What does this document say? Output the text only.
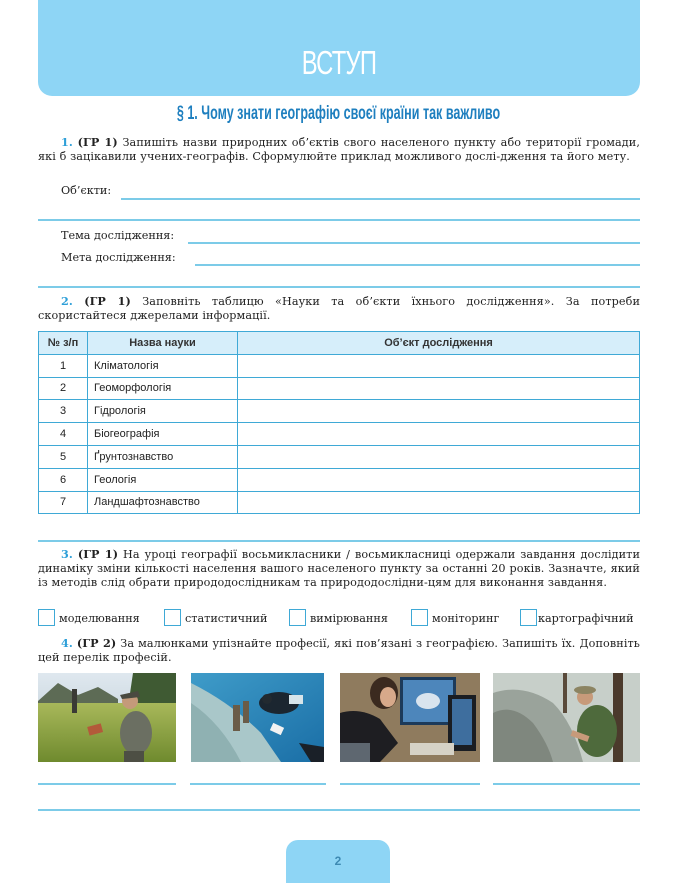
ВСТУП
§ 1. Чому знати географію своєї країни так важливо
1. (ГР 1) Запишіть назви природних об’єктів свого населеного пункту або території громади, які б зацікавили учених-географів. Сформулюйте приклад можливого дослі-дження та його мету.
Об’єкти:
Тема дослідження:
Мета дослідження:
2. (ГР 1) Заповніть таблицю «Науки та об’єкти їхнього дослідження». За потреби скористайтеся джерелами інформації.
№ з/п	Назва науки	Об’єкт дослідження
1	Кліматологія	
2	Геоморфологія	
3	Гідрологія	
4	Біогеографія	
5	Ґрунтознавство	
6	Геологія	
7	Ландшафтознавство	
3. (ГР 1) На уроці географії восьмикласники / восьмикласниці одержали завдання дослідити динаміку зміни кількості населення вашого населеного пункту за останні 20 років. Зазначте, який із методів слід обрати природодослідникам та природодослідни-цям для виконання завдання.
моделювання	статистичний	вимірювання	моніторинг	картографічний
4. (ГР 2) За малюнками упізнайте професії, які пов’язані з географією. Запишіть їх. Доповніть цей перелік професій.
2
